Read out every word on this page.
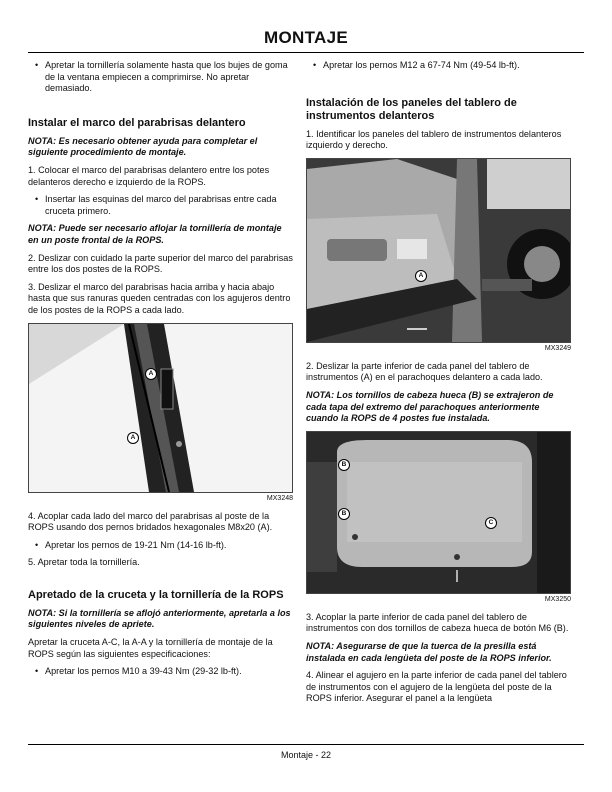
MONTAJE
• Apretar la tornillería solamente hasta que los bujes de goma de la ventana empiecen a comprimirse. No apretar demasiado.
Instalar el marco del parabrisas delantero

NOTA: Es necesario obtener ayuda para completar el siguiente procedimiento de montaje.

1. Colocar el marco del parabrisas delantero entre los potes delanteros derecho e izquierdo de la ROPS.

• Insertar las esquinas del marco del parabrisas entre cada cruceta primero.

NOTA: Puede ser necesario aflojar la tornillería de montaje en un poste frontal de la ROPS.

2. Deslizar con cuidado la parte superior del marco del parabrisas entre los dos postes de la ROPS.

3. Deslizar el marco del parabrisas hacia arriba y hacia abajo hasta que sus ranuras queden centradas con los agujeros dentro de los postes de la ROPS a cada lado.

A
A
MX3248

4. Acoplar cada lado del marco del parabrisas al poste de la ROPS usando dos pernos bridados hexagonales M8x20 (A).

• Apretar los pernos de 19-21 Nm (14-16 lb-ft).

5. Apretar toda la tornillería.

Apretado de la cruceta y la tornillería de la ROPS

NOTA: Si la tornillería se aflojó anteriormente, apretarla a los siguientes niveles de apriete.

Apretar la cruceta A-C, la A-A y la tornillería de montaje de la ROPS según las siguientes especificaciones:

• Apretar los pernos M10 a 39-43 Nm (29-32 lb-ft).
• Apretar los pernos M12 a 67-74 Nm (49-54 lb-ft).
Instalación de los paneles del tablero de instrumentos delanteros

1. Identificar los paneles del tablero de instrumentos delanteros izquierdo y derecho.

A
MX3249

2. Deslizar la parte inferior de cada panel del tablero de instrumentos (A) en el parachoques delantero a cada lado.

NOTA: Los tornillos de cabeza hueca (B) se extrajeron de cada tapa del extremo del parachoques anteriormente cuando la ROPS de 4 postes fue instalada.

B
B
C
MX3250

3. Acoplar la parte inferior de cada panel del tablero de instrumentos con dos tornillos de cabeza hueca de botón M6 (B).

NOTA: Asegurarse de que la tuerca de la presilla está instalada en cada lengüeta del poste de la ROPS inferior.

4. Alinear el agujero en la parte inferior de cada panel del tablero de instrumentos con el agujero de la lengüeta del poste de la ROPS inferior. Asegurar el panel a la lengüeta

Montaje - 22
